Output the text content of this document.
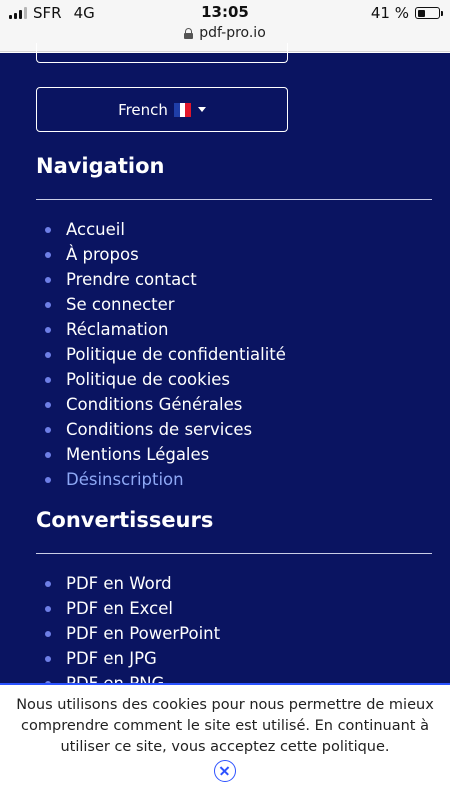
SFR 4G	13:05	41 %
pdf-pro.io
French
Navigation
Accueil
À propos
Prendre contact
Se connecter
Réclamation
Politique de confidentialité
Politique de cookies
Conditions Générales
Conditions de services
Mentions Légales
Désinscription
Convertisseurs
PDF en Word
PDF en Excel
PDF en PowerPoint
PDF en JPG
Nous utilisons des cookies pour nous permettre de mieux comprendre comment le site est utilisé. En continuant à utiliser ce site, vous acceptez cette politique.
